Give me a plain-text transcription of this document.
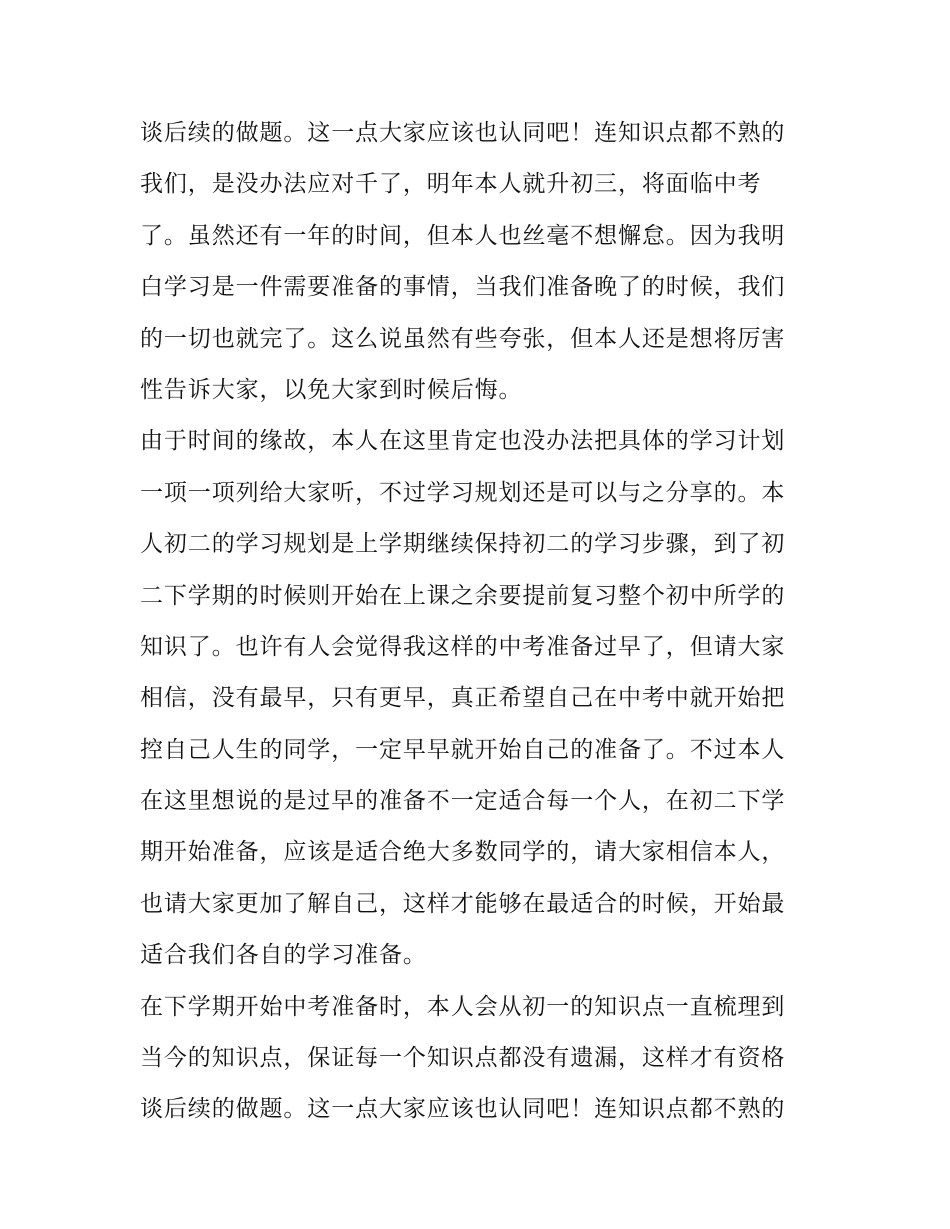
谈后续的做题。这一点大家应该也认同吧！连知识点都不熟的
我们，是没办法应对千了，明年本人就升初三，将面临中考
了。虽然还有一年的时间，但本人也丝毫不想懈怠。因为我明
白学习是一件需要准备的事情，当我们准备晚了的时候，我们
的一切也就完了。这么说虽然有些夸张，但本人还是想将厉害
性告诉大家，以免大家到时候后悔。
由于时间的缘故，本人在这里肯定也没办法把具体的学习计划
一项一项列给大家听，不过学习规划还是可以与之分享的。本
人初二的学习规划是上学期继续保持初二的学习步骤，到了初
二下学期的时候则开始在上课之余要提前复习整个初中所学的
知识了。也许有人会觉得我这样的中考准备过早了，但请大家
相信，没有最早，只有更早，真正希望自己在中考中就开始把
控自己人生的同学，一定早早就开始自己的准备了。不过本人
在这里想说的是过早的准备不一定适合每一个人，在初二下学
期开始准备，应该是适合绝大多数同学的，请大家相信本人，
也请大家更加了解自己，这样才能够在最适合的时候，开始最
适合我们各自的学习准备。
在下学期开始中考准备时，本人会从初一的知识点一直梳理到
当今的知识点，保证每一个知识点都没有遗漏，这样才有资格
谈后续的做题。这一点大家应该也认同吧！连知识点都不熟的
